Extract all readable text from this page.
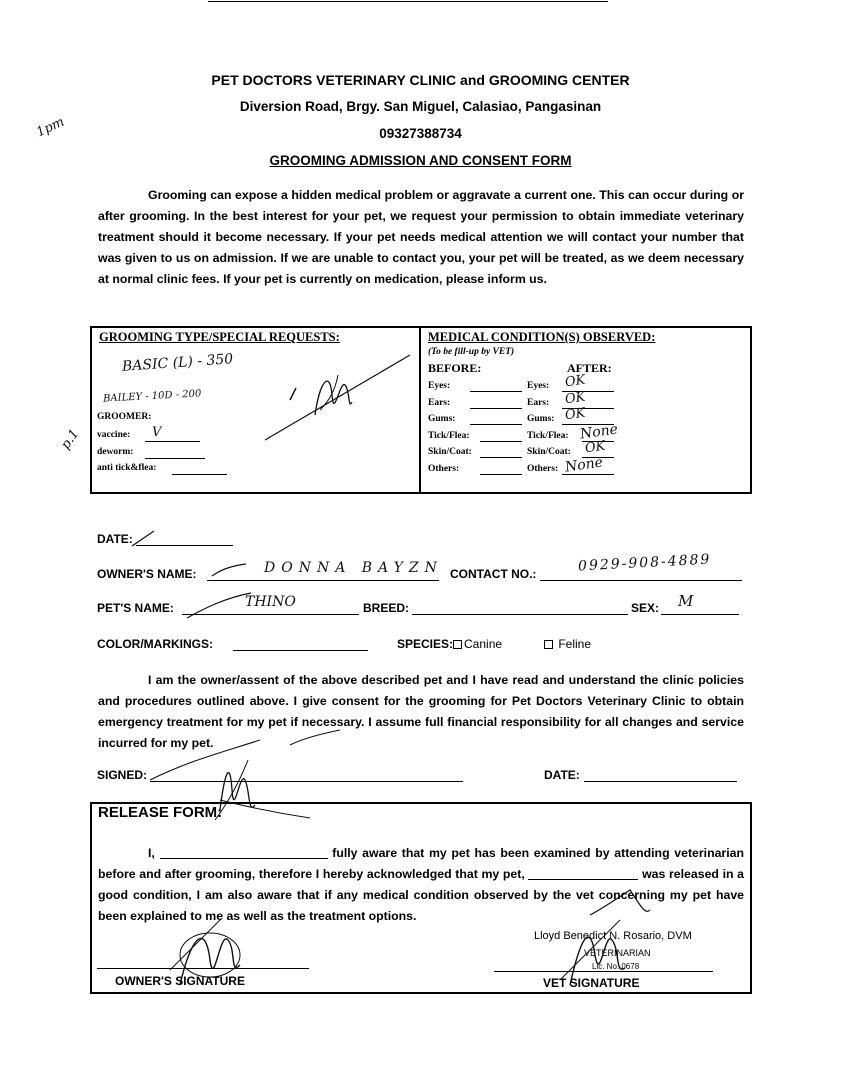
PET DOCTORS VETERINARY CLINIC and GROOMING CENTER
Diversion Road, Brgy. San Miguel, Calasiao, Pangasinan
09327388734
GROOMING ADMISSION AND CONSENT FORM
1pm
p.1
Grooming can expose a hidden medical problem or aggravate a current one. This can occur during or after grooming. In the best interest for your pet, we request your permission to obtain immediate veterinary treatment should it become necessary. If your pet needs medical attention we will contact your number that was given to us on admission. If we are unable to contact you, your pet will be treated, as we deem necessary at normal clinic fees. If your pet is currently on medication, please inform us.
GROOMING TYPE/SPECIAL REQUESTS:
BASIC (L) - 350
BAILEY - 10D - 200
GROOMER:
vaccine: V
deworm:
anti tick&flea:
MEDICAL CONDITION(S) OBSERVED:
(To be fill-up by VET)
BEFORE:	AFTER:
Eyes:	Eyes: OK
Ears:	Ears: OK
Gums:	Gums: OK
Tick/Flea:	Tick/Flea: None
Skin/Coat:	Skin/Coat: OK
Others:	Others: None
DATE:
OWNER'S NAME:	DONNA BAYZN CONTACT NO.:	0929-908-4889
PET'S NAME:	THINO	BREED:	SEX: M
COLOR/MARKINGS:	SPECIES: Canine	Feline
I am the owner/assent of the above described pet and I have read and understand the clinic policies and procedures outlined above. I give consent for the grooming for Pet Doctors Veterinary Clinic to obtain emergency treatment for my pet if necessary. I assume full financial responsibility for all changes and service incurred for my pet.
SIGNED:	DATE:
RELEASE FORM:
I,	fully aware that my pet has been examined by attending veterinarian before and after grooming, therefore I hereby acknowledged that my pet,	was released in a good condition, I am also aware that if any medical condition observed by the vet concerning my pet have been explained to me as well as the treatment options.
Lloyd Benedict N. Rosario, DVM
VETERINARIAN
Lic. No. 0678
OWNER'S SIGNATURE	VET SIGNATURE
